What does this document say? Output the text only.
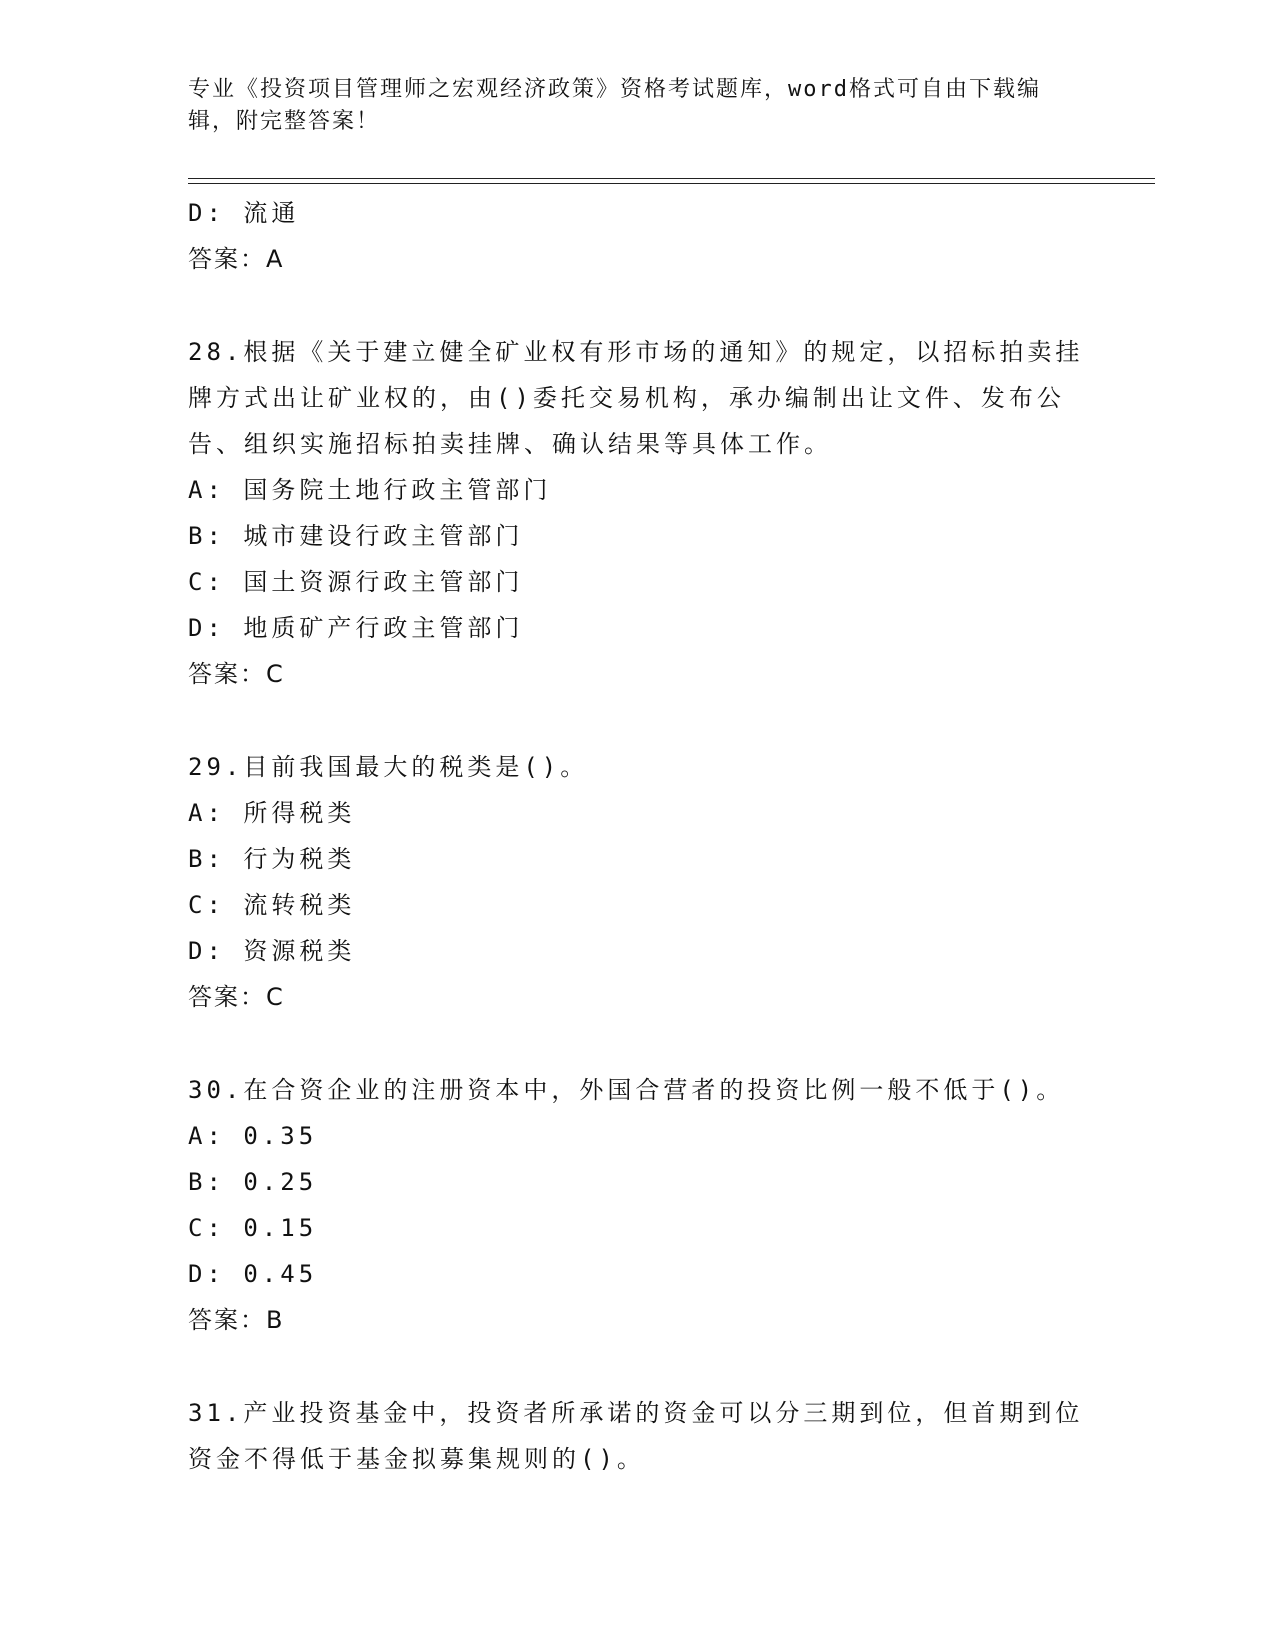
专业《投资项目管理师之宏观经济政策》资格考试题库，word格式可自由下载编辑，附完整答案！
D: 流通
答案：A
28.根据《关于建立健全矿业权有形市场的通知》的规定，以招标拍卖挂牌方式出让矿业权的，由()委托交易机构，承办编制出让文件、发布公告、组织实施招标拍卖挂牌、确认结果等具体工作。
A: 国务院土地行政主管部门
B: 城市建设行政主管部门
C: 国土资源行政主管部门
D: 地质矿产行政主管部门
答案：C
29.目前我国最大的税类是()。
A: 所得税类
B: 行为税类
C: 流转税类
D: 资源税类
答案：C
30.在合资企业的注册资本中，外国合营者的投资比例一般不低于()。
A: 0.35
B: 0.25
C: 0.15
D: 0.45
答案：B
31.产业投资基金中，投资者所承诺的资金可以分三期到位，但首期到位资金不得低于基金拟募集规则的()。
